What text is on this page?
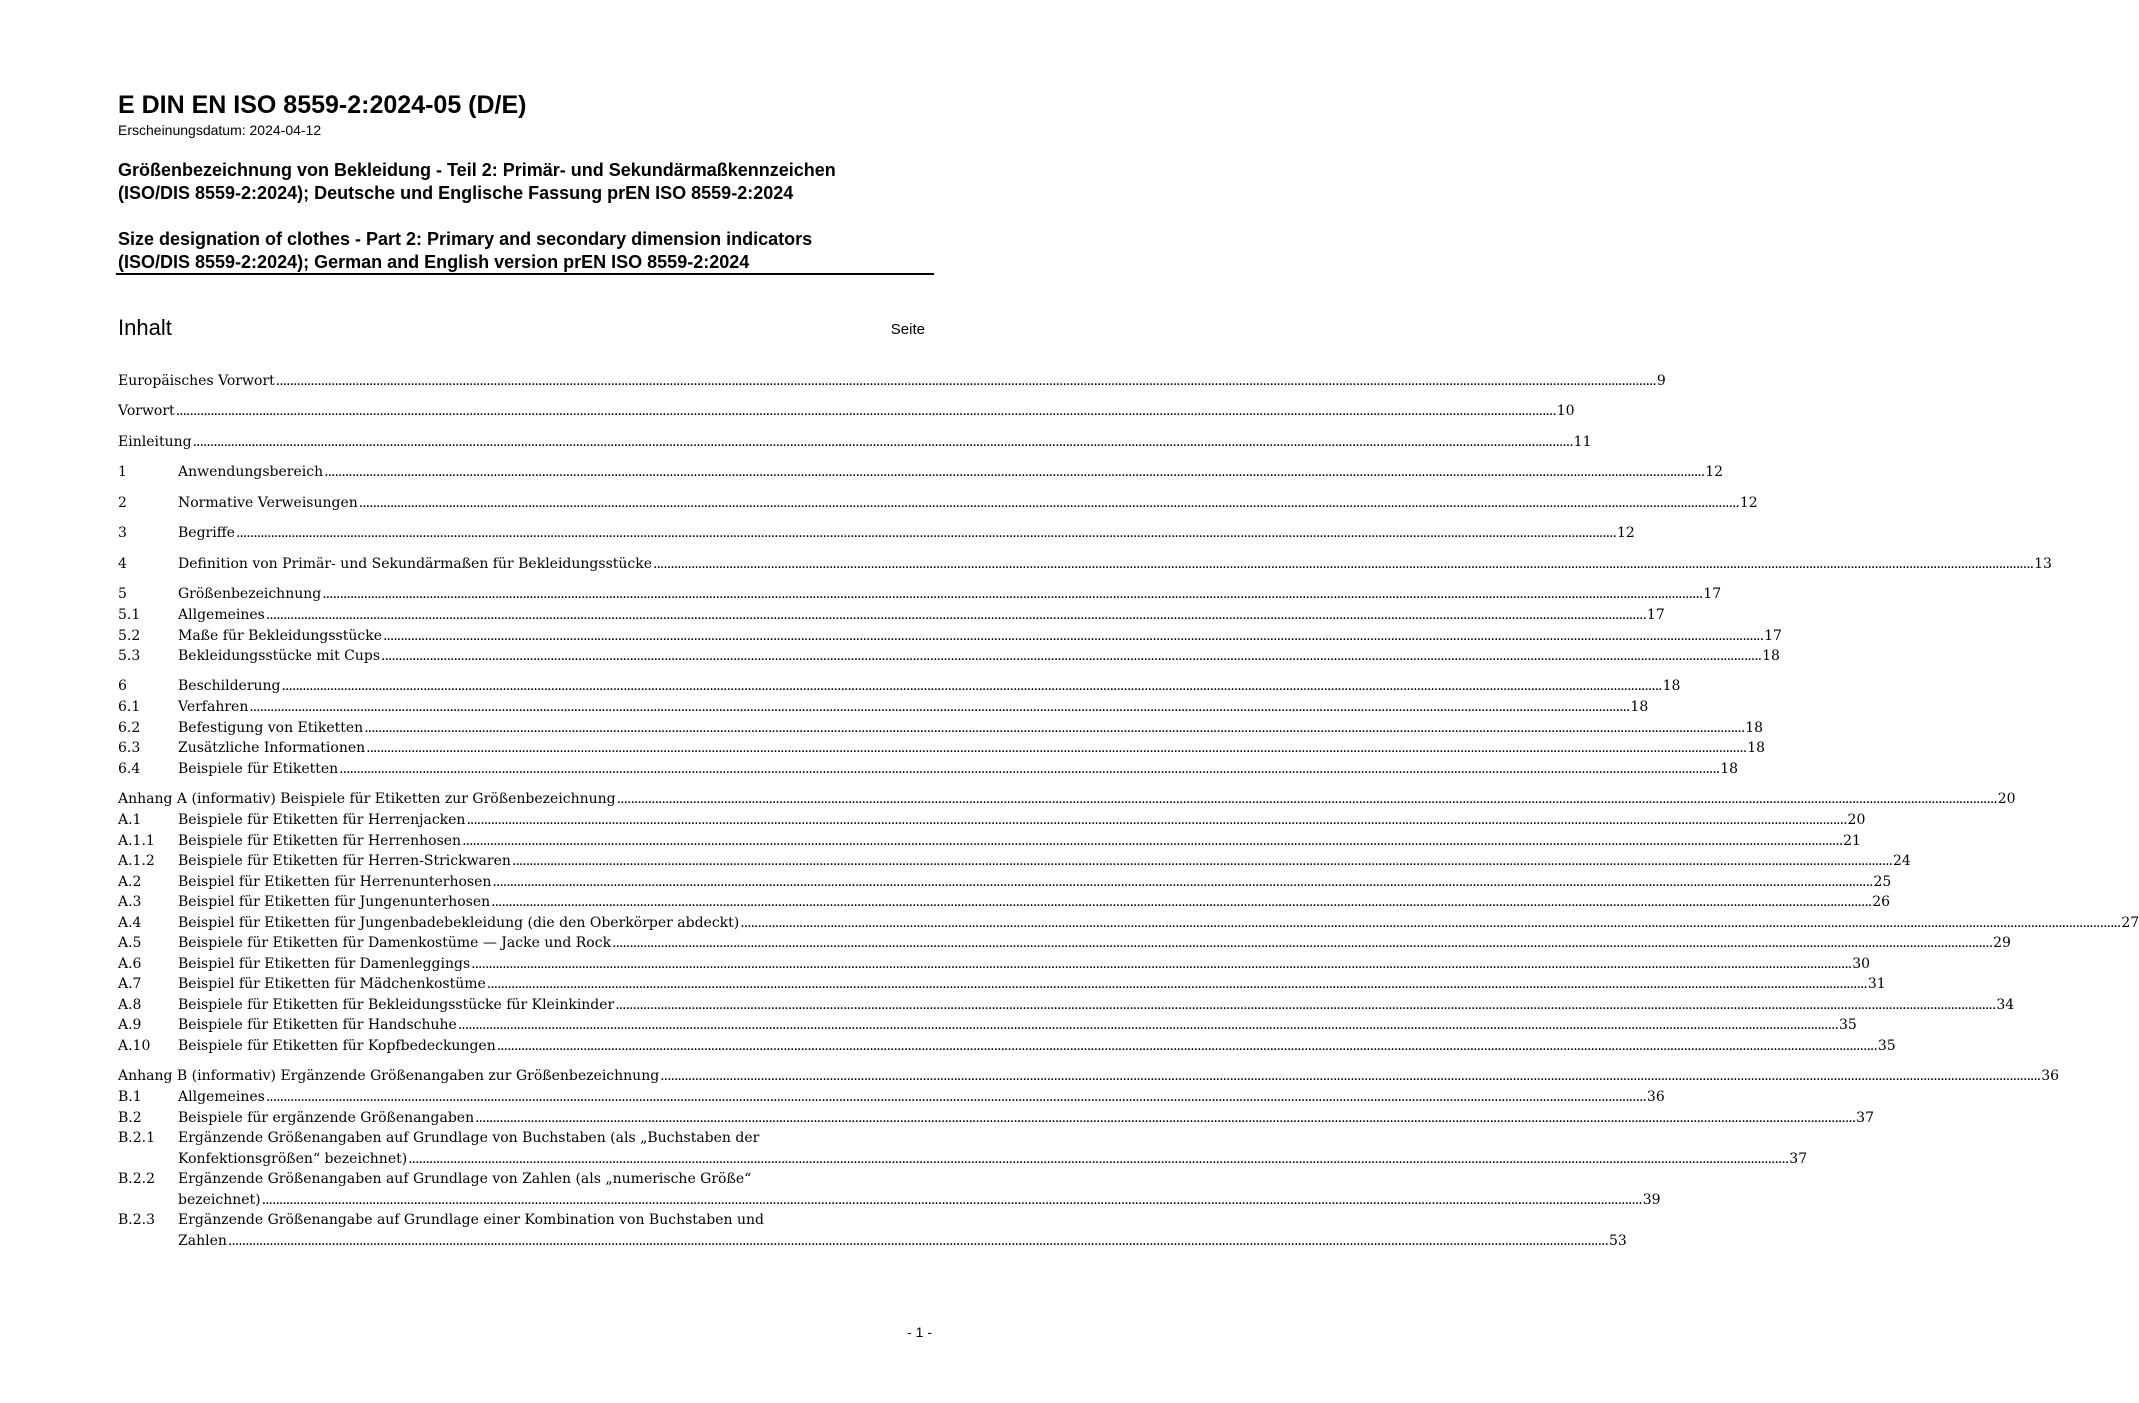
E DIN EN ISO 8559-2:2024-05 (D/E)
Erscheinungsdatum: 2024-04-12
Größenbezeichnung von Bekleidung - Teil 2: Primär- und Sekundärmaßkennzeichen
(ISO/DIS 8559-2:2024); Deutsche und Englische Fassung prEN ISO 8559-2:2024
Size designation of clothes - Part 2: Primary and secondary dimension indicators
(ISO/DIS 8559-2:2024); German and English version prEN ISO 8559-2:2024
Inhalt	Seite
Europäisches Vorwort ................................................................................................................................................................................................................................................................................................................................................................................................................ 9
Vorwort ................................................................................................................................................................................................................................................................................................................................................................................................................ 10
Einleitung ................................................................................................................................................................................................................................................................................................................................................................................................................ 11
1	Anwendungsbereich ................................................................................................................................................................................................................................................................................................................................................................................................................ 12
2	Normative Verweisungen ................................................................................................................................................................................................................................................................................................................................................................................................................ 12
3	Begriffe ................................................................................................................................................................................................................................................................................................................................................................................................................ 12
4	Definition von Primär- und Sekundärmaßen für Bekleidungsstücke ................................................................................................................................................................................................................................................................................................................................................................................................................ 13
5	Größenbezeichnung ................................................................................................................................................................................................................................................................................................................................................................................................................ 17
5.1	Allgemeines ................................................................................................................................................................................................................................................................................................................................................................................................................ 17
5.2	Maße für Bekleidungsstücke ................................................................................................................................................................................................................................................................................................................................................................................................................ 17
5.3	Bekleidungsstücke mit Cups ................................................................................................................................................................................................................................................................................................................................................................................................................ 18
6	Beschilderung ................................................................................................................................................................................................................................................................................................................................................................................................................ 18
6.1	Verfahren ................................................................................................................................................................................................................................................................................................................................................................................................................ 18
6.2	Befestigung von Etiketten ................................................................................................................................................................................................................................................................................................................................................................................................................ 18
6.3	Zusätzliche Informationen ................................................................................................................................................................................................................................................................................................................................................................................................................ 18
6.4	Beispiele für Etiketten ................................................................................................................................................................................................................................................................................................................................................................................................................ 18
Anhang A (informativ) Beispiele für Etiketten zur Größenbezeichnung ................................................................................................................................................................................................................................................................................................................................................................................................................ 20
A.1	Beispiele für Etiketten für Herrenjacken ................................................................................................................................................................................................................................................................................................................................................................................................................ 20
A.1.1	Beispiele für Etiketten für Herrenhosen ................................................................................................................................................................................................................................................................................................................................................................................................................ 21
A.1.2	Beispiele für Etiketten für Herren-Strickwaren ................................................................................................................................................................................................................................................................................................................................................................................................................ 24
A.2	Beispiel für Etiketten für Herrenunterhosen ................................................................................................................................................................................................................................................................................................................................................................................................................ 25
A.3	Beispiel für Etiketten für Jungenunterhosen ................................................................................................................................................................................................................................................................................................................................................................................................................ 26
A.4	Beispiel für Etiketten für Jungenbadebekleidung (die den Oberkörper abdeckt) ................................................................................................................................................................................................................................................................................................................................................................................................................ 27
A.5	Beispiele für Etiketten für Damenkostüme — Jacke und Rock ................................................................................................................................................................................................................................................................................................................................................................................................................ 29
A.6	Beispiel für Etiketten für Damenleggings ................................................................................................................................................................................................................................................................................................................................................................................................................ 30
A.7	Beispiel für Etiketten für Mädchenkostüme ................................................................................................................................................................................................................................................................................................................................................................................................................ 31
A.8	Beispiele für Etiketten für Bekleidungsstücke für Kleinkinder ................................................................................................................................................................................................................................................................................................................................................................................................................ 34
A.9	Beispiele für Etiketten für Handschuhe ................................................................................................................................................................................................................................................................................................................................................................................................................ 35
A.10	Beispiele für Etiketten für Kopfbedeckungen ................................................................................................................................................................................................................................................................................................................................................................................................................ 35
Anhang B (informativ) Ergänzende Größenangaben zur Größenbezeichnung ................................................................................................................................................................................................................................................................................................................................................................................................................ 36
B.1	Allgemeines ................................................................................................................................................................................................................................................................................................................................................................................................................ 36
B.2	Beispiele für ergänzende Größenangaben ................................................................................................................................................................................................................................................................................................................................................................................................................ 37
B.2.1	Ergänzende Größenangaben auf Grundlage von Buchstaben (als „Buchstaben der
Konfektionsgrößen“ bezeichnet) ................................................................................................................................................................................................................................................................................................................................................................................................................ 37
B.2.2	Ergänzende Größenangaben auf Grundlage von Zahlen (als „numerische Größe“
bezeichnet) ................................................................................................................................................................................................................................................................................................................................................................................................................ 39
B.2.3	Ergänzende Größenangabe auf Grundlage einer Kombination von Buchstaben und
Zahlen ................................................................................................................................................................................................................................................................................................................................................................................................................ 53
- 1 -
